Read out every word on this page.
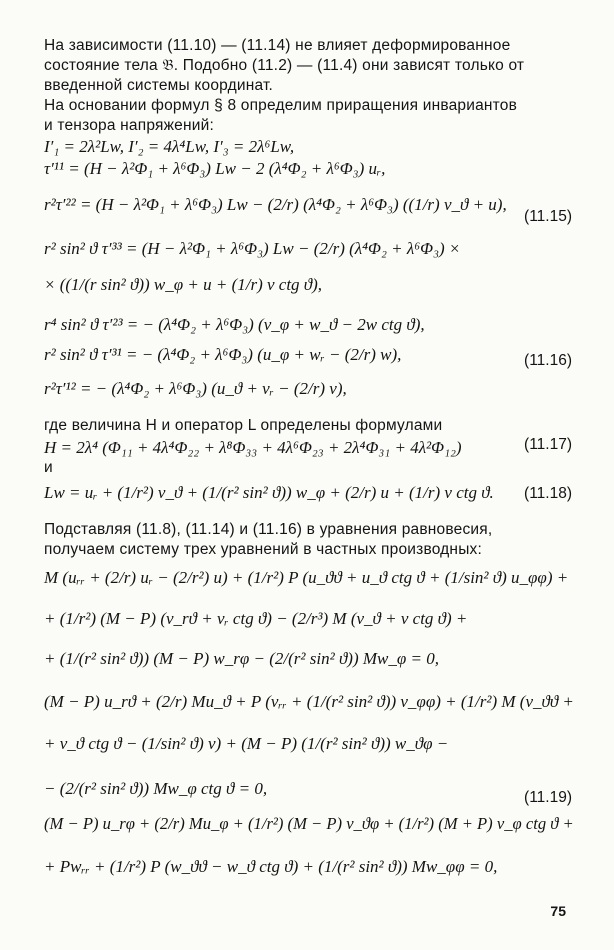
На зависимости (11.10) — (11.14) не влияет деформированное
состояние тела 𝔅. Подобно (11.2) — (11.4) они зависят только от
введенной системы координат.
На основании формул § 8 определим приращения инвариантов
и тензора напряжений:
I′₁ = 2λ²Lw, I′₂ = 4λ⁴Lw, I′₃ = 2λ⁶Lw,
τ′¹¹ = (H − λ²Φ₁ + λ⁶Φ₃) Lw − 2 (λ⁴Φ₂ + λ⁶Φ₃) uᵣ,
r²τ′²² = (H − λ²Φ₁ + λ⁶Φ₃) Lw − (2/r) (λ⁴Φ₂ + λ⁶Φ₃) ((1/r) v_ϑ + u),
r² sin² ϑ τ′³³ = (H − λ²Φ₁ + λ⁶Φ₃) Lw − (2/r) (λ⁴Φ₂ + λ⁶Φ₃) ×
× ((1/(r sin² ϑ)) w_φ + u + (1/r) v ctg ϑ),
r⁴ sin² ϑ τ′²³ = − (λ⁴Φ₂ + λ⁶Φ₃) (v_φ + w_ϑ − 2w ctg ϑ),
r² sin² ϑ τ′³¹ = − (λ⁴Φ₂ + λ⁶Φ₃) (u_φ + wᵣ − (2/r) w),
r²τ′¹² = − (λ⁴Φ₂ + λ⁶Φ₃) (u_ϑ + vᵣ − (2/r) v),
где величина H и оператор L определены формулами
H = 2λ⁴ (Φ₁₁ + 4λ⁴Φ₂₂ + λ⁸Φ₃₃ + 4λ⁶Φ₂₃ + 2λ⁴Φ₃₁ + 4λ²Φ₁₂)
и
Lw = uᵣ + (1/r²) v_ϑ + (1/(r² sin² ϑ)) w_φ + (2/r) u + (1/r) v ctg ϑ.
Подставляя (11.8), (11.14) и (11.16) в уравнения равновесия,
получаем систему трех уравнений в частных производных:
M (uᵣᵣ + (2/r) uᵣ − (2/r²) u) + (1/r²) P (u_ϑϑ + u_ϑ ctg ϑ + (1/sin² ϑ) u_φφ) +
+ (1/r²) (M − P) (v_rϑ + vᵣ ctg ϑ) − (2/r³) M (v_ϑ + v ctg ϑ) +
+ (1/(r² sin² ϑ)) (M − P) w_rφ − (2/(r² sin² ϑ)) Mw_φ = 0,
(M − P) u_rϑ + (2/r) Mu_ϑ + P (vᵣᵣ + (1/(r² sin² ϑ)) v_φφ) + (1/r²) M (v_ϑϑ +
+ v_ϑ ctg ϑ − (1/sin² ϑ) v) + (M − P) (1/(r² sin² ϑ)) w_ϑφ −
− (2/(r² sin² ϑ)) Mw_φ ctg ϑ = 0,
(M − P) u_rφ + (2/r) Mu_φ + (1/r²) (M − P) v_ϑφ + (1/r²) (M + P) v_φ ctg ϑ +
+ Pwᵣᵣ + (1/r²) P (w_ϑϑ − w_ϑ ctg ϑ) + (1/(r² sin² ϑ)) Mw_φφ = 0,
(11.15)
(11.16)
(11.17)
(11.18)
(11.19)
75
